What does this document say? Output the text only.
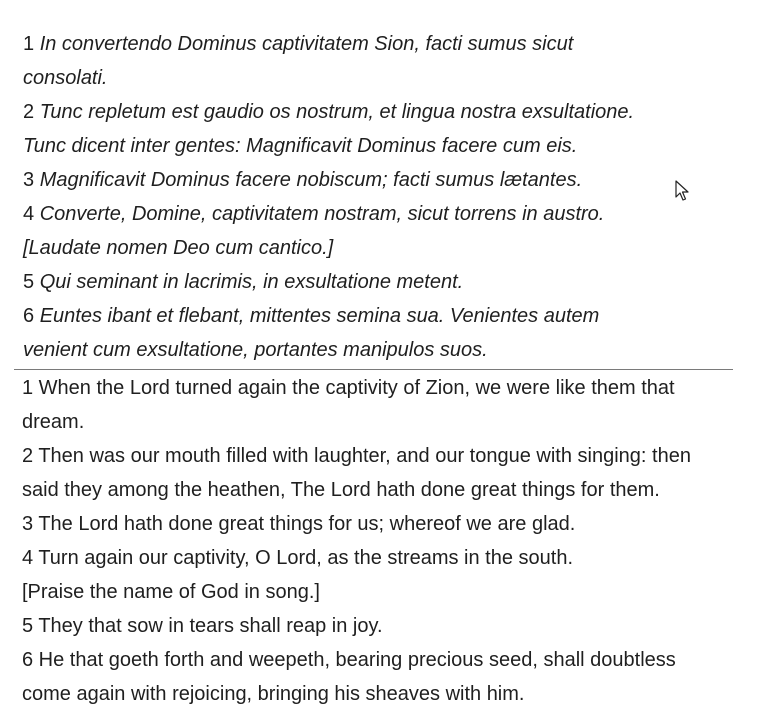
1 In convertendo Dominus captivitatem Sion, facti sumus sicut
consolati.
2 Tunc repletum est gaudio os nostrum, et lingua nostra exsultatione.
Tunc dicent inter gentes: Magnificavit Dominus facere cum eis.
3 Magnificavit Dominus facere nobiscum; facti sumus lætantes.
4 Converte, Domine, captivitatem nostram, sicut torrens in austro.
[Laudate nomen Deo cum cantico.]
5 Qui seminant in lacrimis, in exsultatione metent.
6 Euntes ibant et flebant, mittentes semina sua. Venientes autem
venient cum exsultatione, portantes manipulos suos.
1 When the Lord turned again the captivity of Zion, we were like them that
dream.
2 Then was our mouth filled with laughter, and our tongue with singing: then
said they among the heathen, The Lord hath done great things for them.
3 The Lord hath done great things for us; whereof we are glad.
4 Turn again our captivity, O Lord, as the streams in the south.
[Praise the name of God in song.]
5 They that sow in tears shall reap in joy.
6 He that goeth forth and weepeth, bearing precious seed, shall doubtless
come again with rejoicing, bringing his sheaves with him.
